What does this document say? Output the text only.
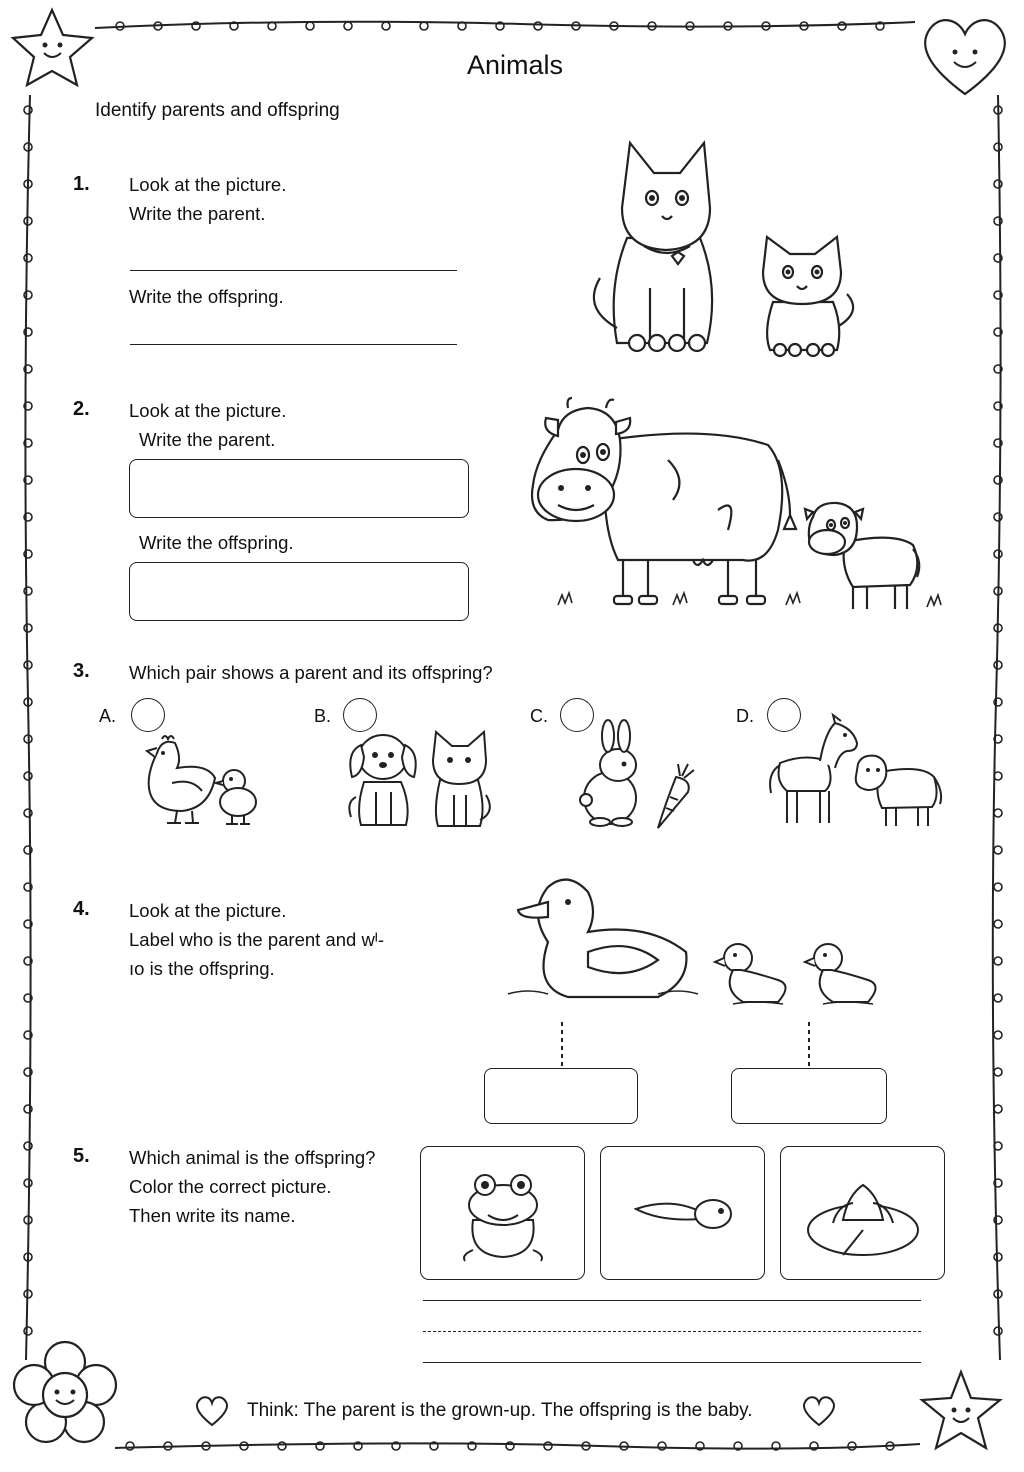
Animals
Identify parents and offspring
1. Look at the picture.
Write the parent.
Write the offspring.
2. Look at the picture.
Write the parent.
Write the offspring.
3. Which pair shows a parent and its offspring?
A.	B.	C.	D.
4. Look at the picture.
Label who is the parent and wᴵ-
ıo is the offspring.
5. Which animal is the offspring?
Color the correct picture.
Then write its name.
Think: The parent is the grown-up. The offspring is the baby.
